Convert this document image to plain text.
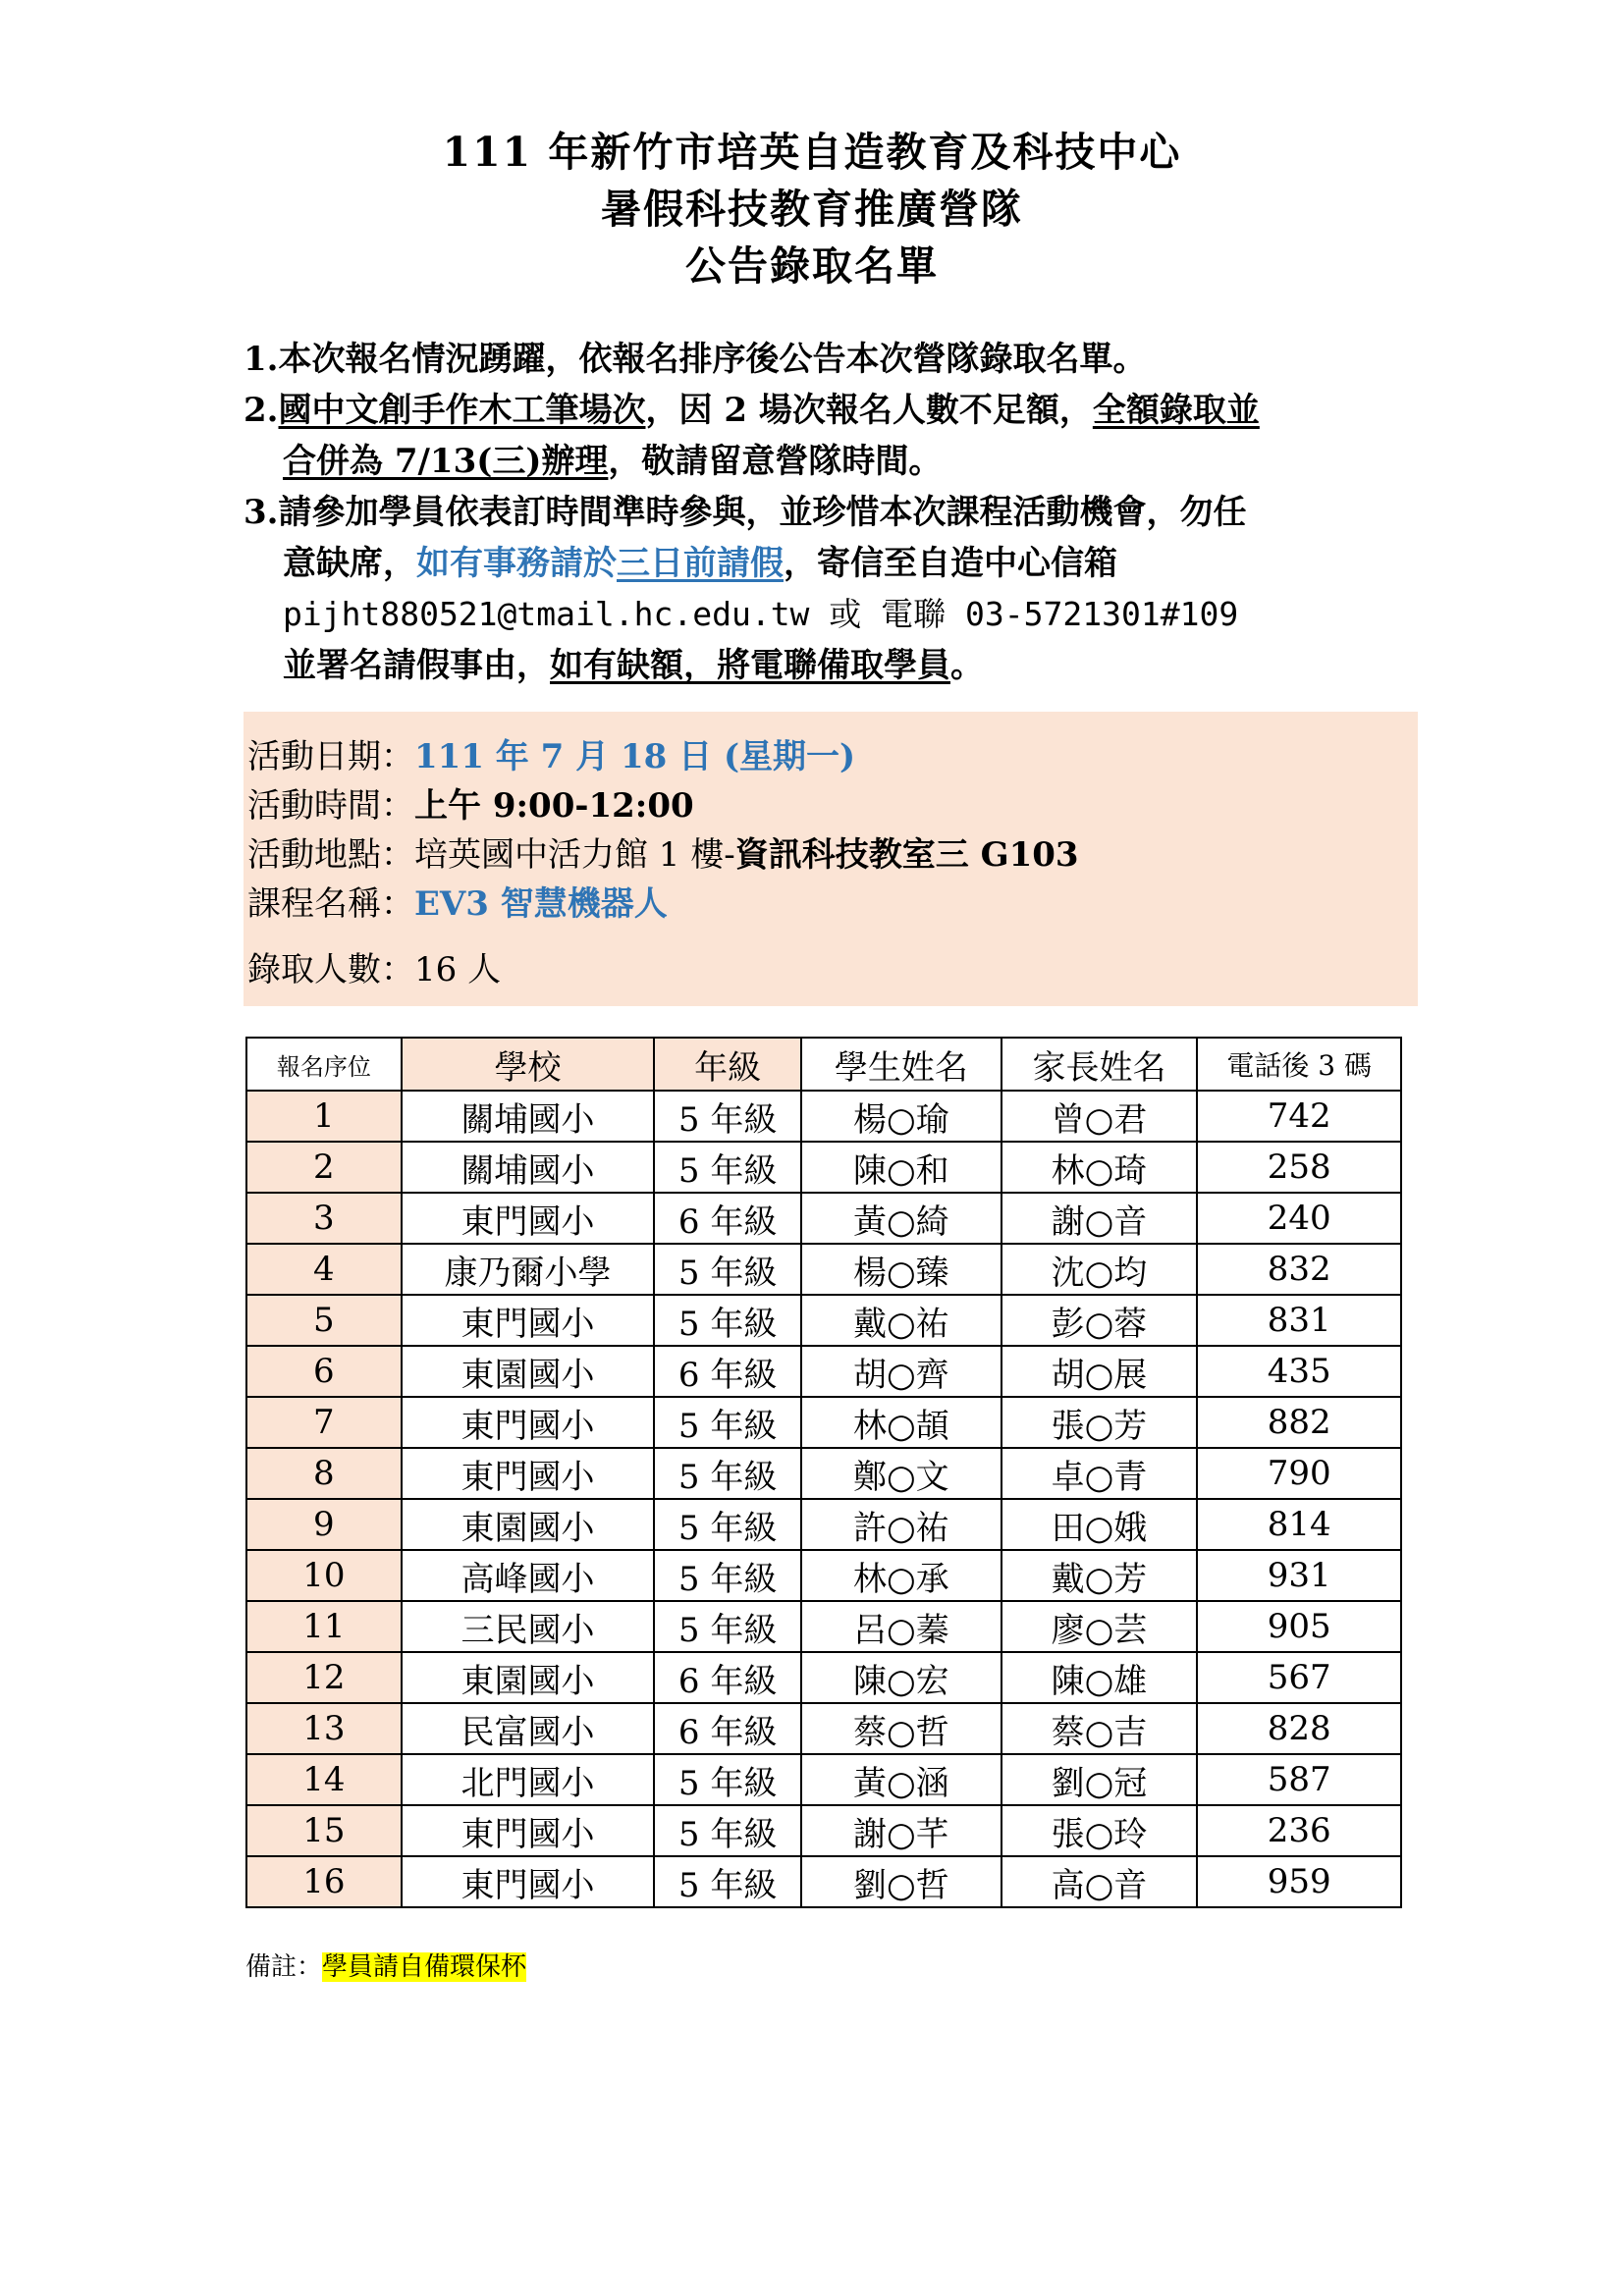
111 年新竹市培英自造教育及科技中心
暑假科技教育推廣營隊
公告錄取名單
1.本次報名情況踴躍，依報名排序後公告本次營隊錄取名單。
2.國中文創手作木工筆場次，因 2 場次報名人數不足額，全額錄取並
合併為 7/13(三)辦理，敬請留意營隊時間。
3.請參加學員依表訂時間準時參與，並珍惜本次課程活動機會，勿任
意缺席，如有事務請於三日前請假，寄信至自造中心信箱
pijht880521@tmail.hc.edu.tw 或 電聯 03-5721301#109
並署名請假事由，如有缺額，將電聯備取學員。
活動日期：111 年 7 月 18 日 (星期一)
活動時間：上午 9:00-12:00
活動地點：培英國中活力館 1 樓-資訊科技教室三 G103
課程名稱：EV3 智慧機器人
錄取人數：16 人
報名序位	學校	年級	學生姓名	家長姓名	電話後 3 碼
1	關埔國小	5 年級	楊○瑜	曾○君	742
2	關埔國小	5 年級	陳○和	林○琦	258
3	東門國小	6 年級	黃○綺	謝○音	240
4	康乃爾小學	5 年級	楊○臻	沈○均	832
5	東門國小	5 年級	戴○祐	彭○蓉	831
6	東園國小	6 年級	胡○齊	胡○展	435
7	東門國小	5 年級	林○頡	張○芳	882
8	東門國小	5 年級	鄭○文	卓○青	790
9	東園國小	5 年級	許○祐	田○娥	814
10	高峰國小	5 年級	林○承	戴○芳	931
11	三民國小	5 年級	呂○蓁	廖○芸	905
12	東園國小	6 年級	陳○宏	陳○雄	567
13	民富國小	6 年級	蔡○哲	蔡○吉	828
14	北門國小	5 年級	黃○涵	劉○冠	587
15	東門國小	5 年級	謝○芊	張○玲	236
16	東門國小	5 年級	劉○哲	高○音	959
備註：學員請自備環保杯
